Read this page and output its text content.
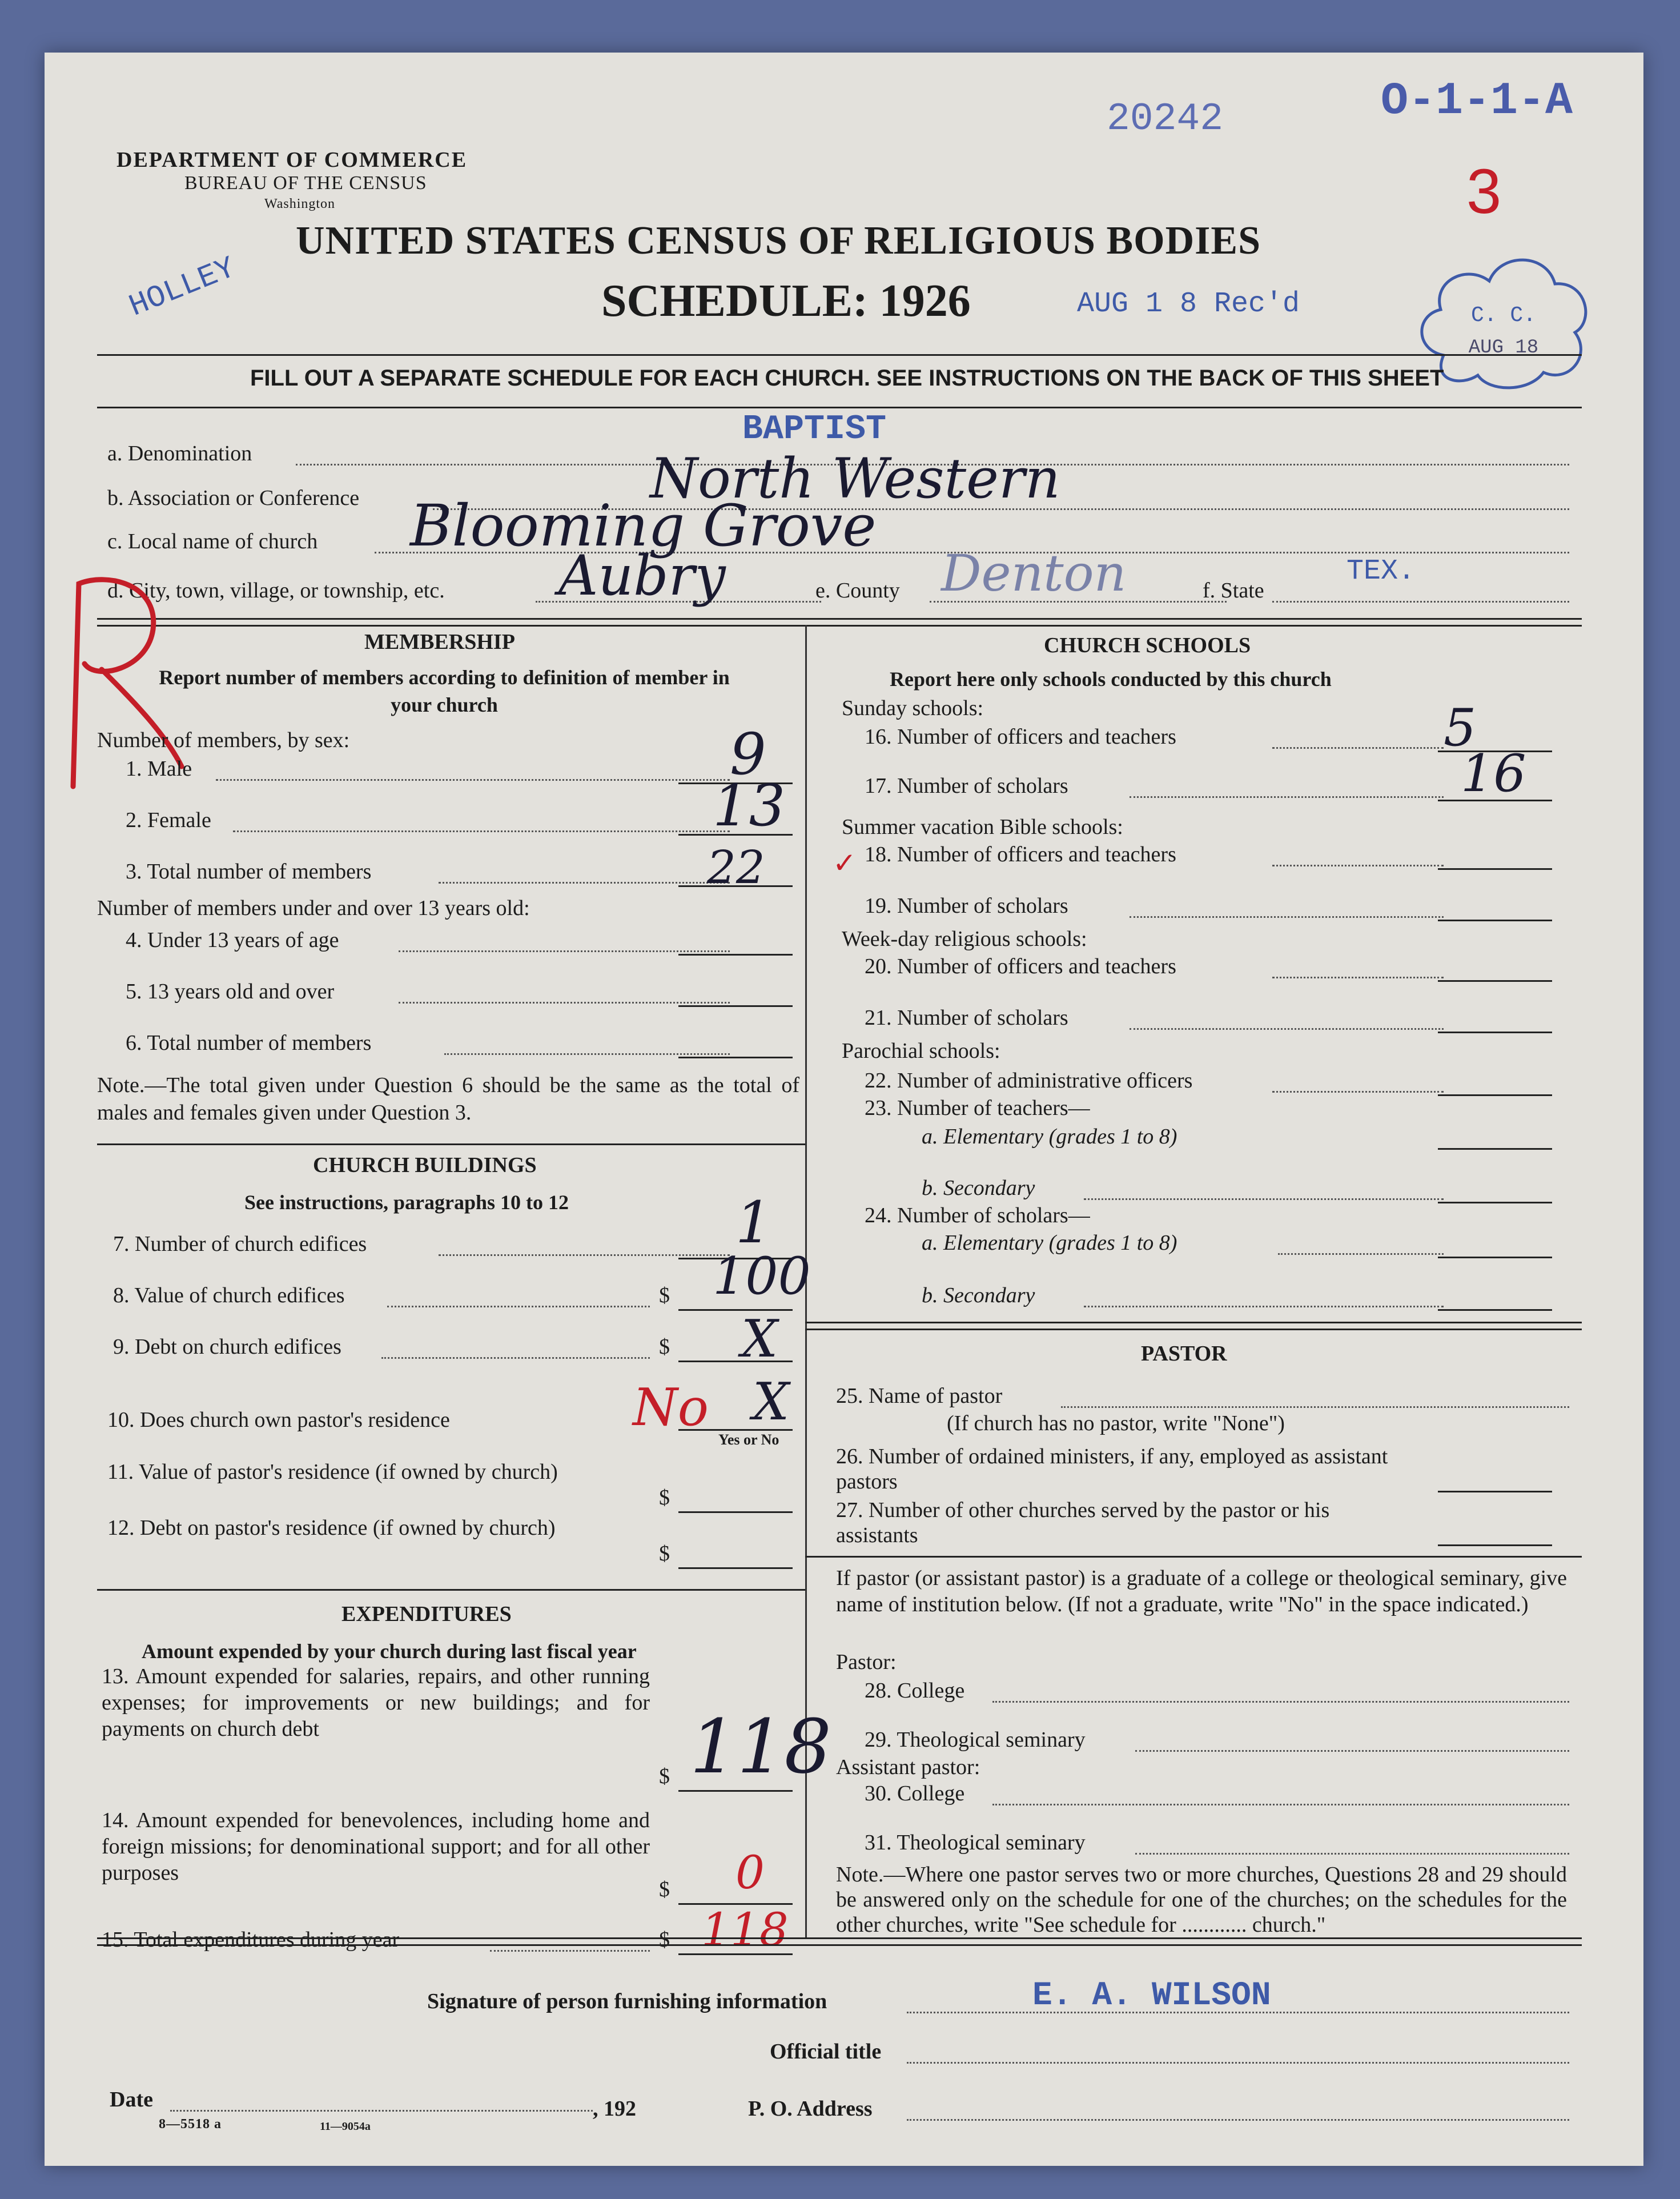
20242	O-1-1-A
3
C. C.
AUG 18
DEPARTMENT OF COMMERCE
BUREAU OF THE CENSUS
Washington
HOLLEY
UNITED STATES CENSUS OF RELIGIOUS BODIES
SCHEDULE: 1926	AUG 1 8 Rec'd
FILL OUT A SEPARATE SCHEDULE FOR EACH CHURCH. SEE INSTRUCTIONS ON THE BACK OF THIS SHEET
a. Denomination
BAPTIST
b. Association or Conference	North Western
c. Local name of church Blooming Grove
d. City, town, village, or township, etc. Aubry	e. County Denton	f. State
TEX.
MEMBERSHIP
Report number of members according to definition of member in your church
Number of members, by sex:
1. Male	9
2. Female	13
3. Total number of members	22
Number of members under and over 13 years old:
4. Under 13 years of age
5. 13 years old and over
6. Total number of members
Note.—The total given under Question 6 should be the same as the total of males and females given under Question 3.
CHURCH BUILDINGS
See instructions, paragraphs 10 to 12
7. Number of church edifices	1
8. Value of church edifices	$ 100
9. Debt on church edifices	$ X
10. Does church own pastor's residence	No X
Yes or No
11. Value of pastor's residence (if owned by church)
$
12. Debt on pastor's residence (if owned by church)
$
EXPENDITURES
Amount expended by your church during last fiscal year
13. Amount expended for salaries, repairs, and other running expenses; for improvements or new buildings; and for payments on church debt
$ 118
14. Amount expended for benevolences, including home and foreign missions; for denominational support; and for all other purposes
$ 0
15. Total expenditures during year	$ 118
CHURCH SCHOOLS
Report here only schools conducted by this church
Sunday schools:
16. Number of officers and teachers	5
17. Number of scholars	16
Summer vacation Bible schools:
18. Number of officers and teachers
✓
19. Number of scholars
Week-day religious schools:
20. Number of officers and teachers
21. Number of scholars
Parochial schools:
22. Number of administrative officers
23. Number of teachers—
a. Elementary (grades 1 to 8)
b. Secondary
24. Number of scholars—
a. Elementary (grades 1 to 8)
b. Secondary
PASTOR
25. Name of pastor
(If church has no pastor, write "None")
26. Number of ordained ministers, if any, employed as assistant pastors
27. Number of other churches served by the pastor or his assistants
If pastor (or assistant pastor) is a graduate of a college or theological seminary, give name of institution below. (If not a graduate, write "No" in the space indicated.)
Pastor:
28. College
29. Theological seminary
Assistant pastor:
30. College
31. Theological seminary
Note.—Where one pastor serves two or more churches, Questions 28 and 29 should be answered only on the schedule for one of the churches; on the schedules for the other churches, write "See schedule for ............ church."
Signature of person furnishing information	E. A. WILSON
Official title
Date	, 192	P. O. Address
8—5518 a	11—9054a
